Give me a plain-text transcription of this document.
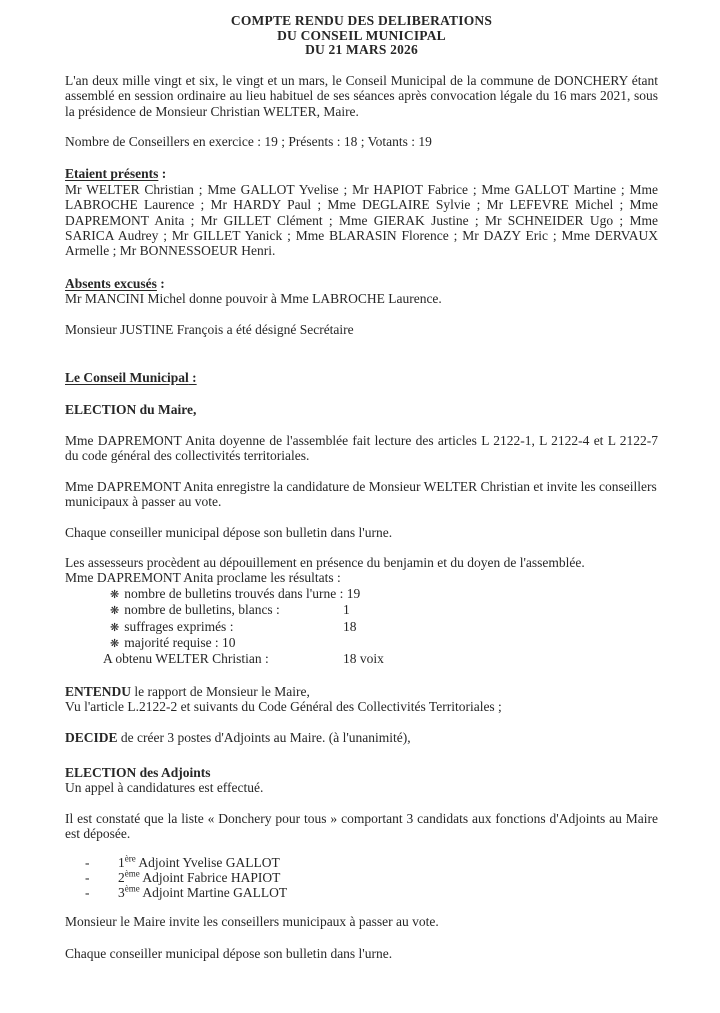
COMPTE RENDU DES DELIBERATIONS
DU CONSEIL MUNICIPAL
DU 21 MARS 2026

L'an deux mille vingt et six, le vingt et un mars, le Conseil Municipal de la commune de DONCHERY étant assemblé en session ordinaire au lieu habituel de ses séances après convocation légale du 16 mars 2021, sous la présidence de Monsieur Christian WELTER, Maire.

Nombre de Conseillers en exercice : 19 ; Présents : 18 ; Votants : 19

Etaient présents :

Mr WELTER Christian ; Mme GALLOT Yvelise ; Mr HAPIOT Fabrice ; Mme GALLOT Martine ; Mme LABROCHE Laurence ; Mr HARDY Paul ; Mme DEGLAIRE Sylvie ; Mr LEFEVRE Michel ; Mme DAPREMONT Anita ; Mr GILLET Clément ; Mme GIERAK Justine ; Mr SCHNEIDER Ugo ; Mme SARICA Audrey ; Mr GILLET Yanick ; Mme BLARASIN Florence ; Mr DAZY Eric ; Mme DERVAUX Armelle ; Mr BONNESSOEUR Henri.

Absents excusés :

Mr MANCINI Michel donne pouvoir à Mme LABROCHE Laurence.

Monsieur JUSTINE François a été désigné Secrétaire

Le Conseil Municipal :

ELECTION du Maire,

Mme DAPREMONT Anita doyenne de l'assemblée fait lecture des articles L 2122-1, L 2122-4 et L 2122-7 du code général des collectivités territoriales.

Mme DAPREMONT Anita enregistre la candidature de Monsieur WELTER Christian et invite les conseillers municipaux à passer au vote.

Chaque conseiller municipal dépose son bulletin dans l'urne.

Les assesseurs procèdent au dépouillement en présence du benjamin et du doyen de l'assemblée.

Mme DAPREMONT Anita proclame les résultats :

❋ nombre de bulletins trouvés dans l'urne : 19
❋ nombre de bulletins, blancs :	1
❋ suffrages exprimés :	18
❋ majorité requise : 10
A obtenu WELTER Christian :	18 voix

ENTENDU le rapport de Monsieur le Maire,

Vu l'article L.2122-2 et suivants du Code Général des Collectivités Territoriales ;

DECIDE de créer 3 postes d'Adjoints au Maire. (à l'unanimité),

ELECTION des Adjoints

Un appel à candidatures est effectué.

Il est constaté que la liste « Donchery pour tous » comportant 3 candidats aux fonctions d'Adjoints au Maire est déposée.

- 1ère Adjoint Yvelise GALLOT
- 2ème Adjoint Fabrice HAPIOT
- 3ème Adjoint Martine GALLOT

Monsieur le Maire invite les conseillers municipaux à passer au vote.

Chaque conseiller municipal dépose son bulletin dans l'urne.
